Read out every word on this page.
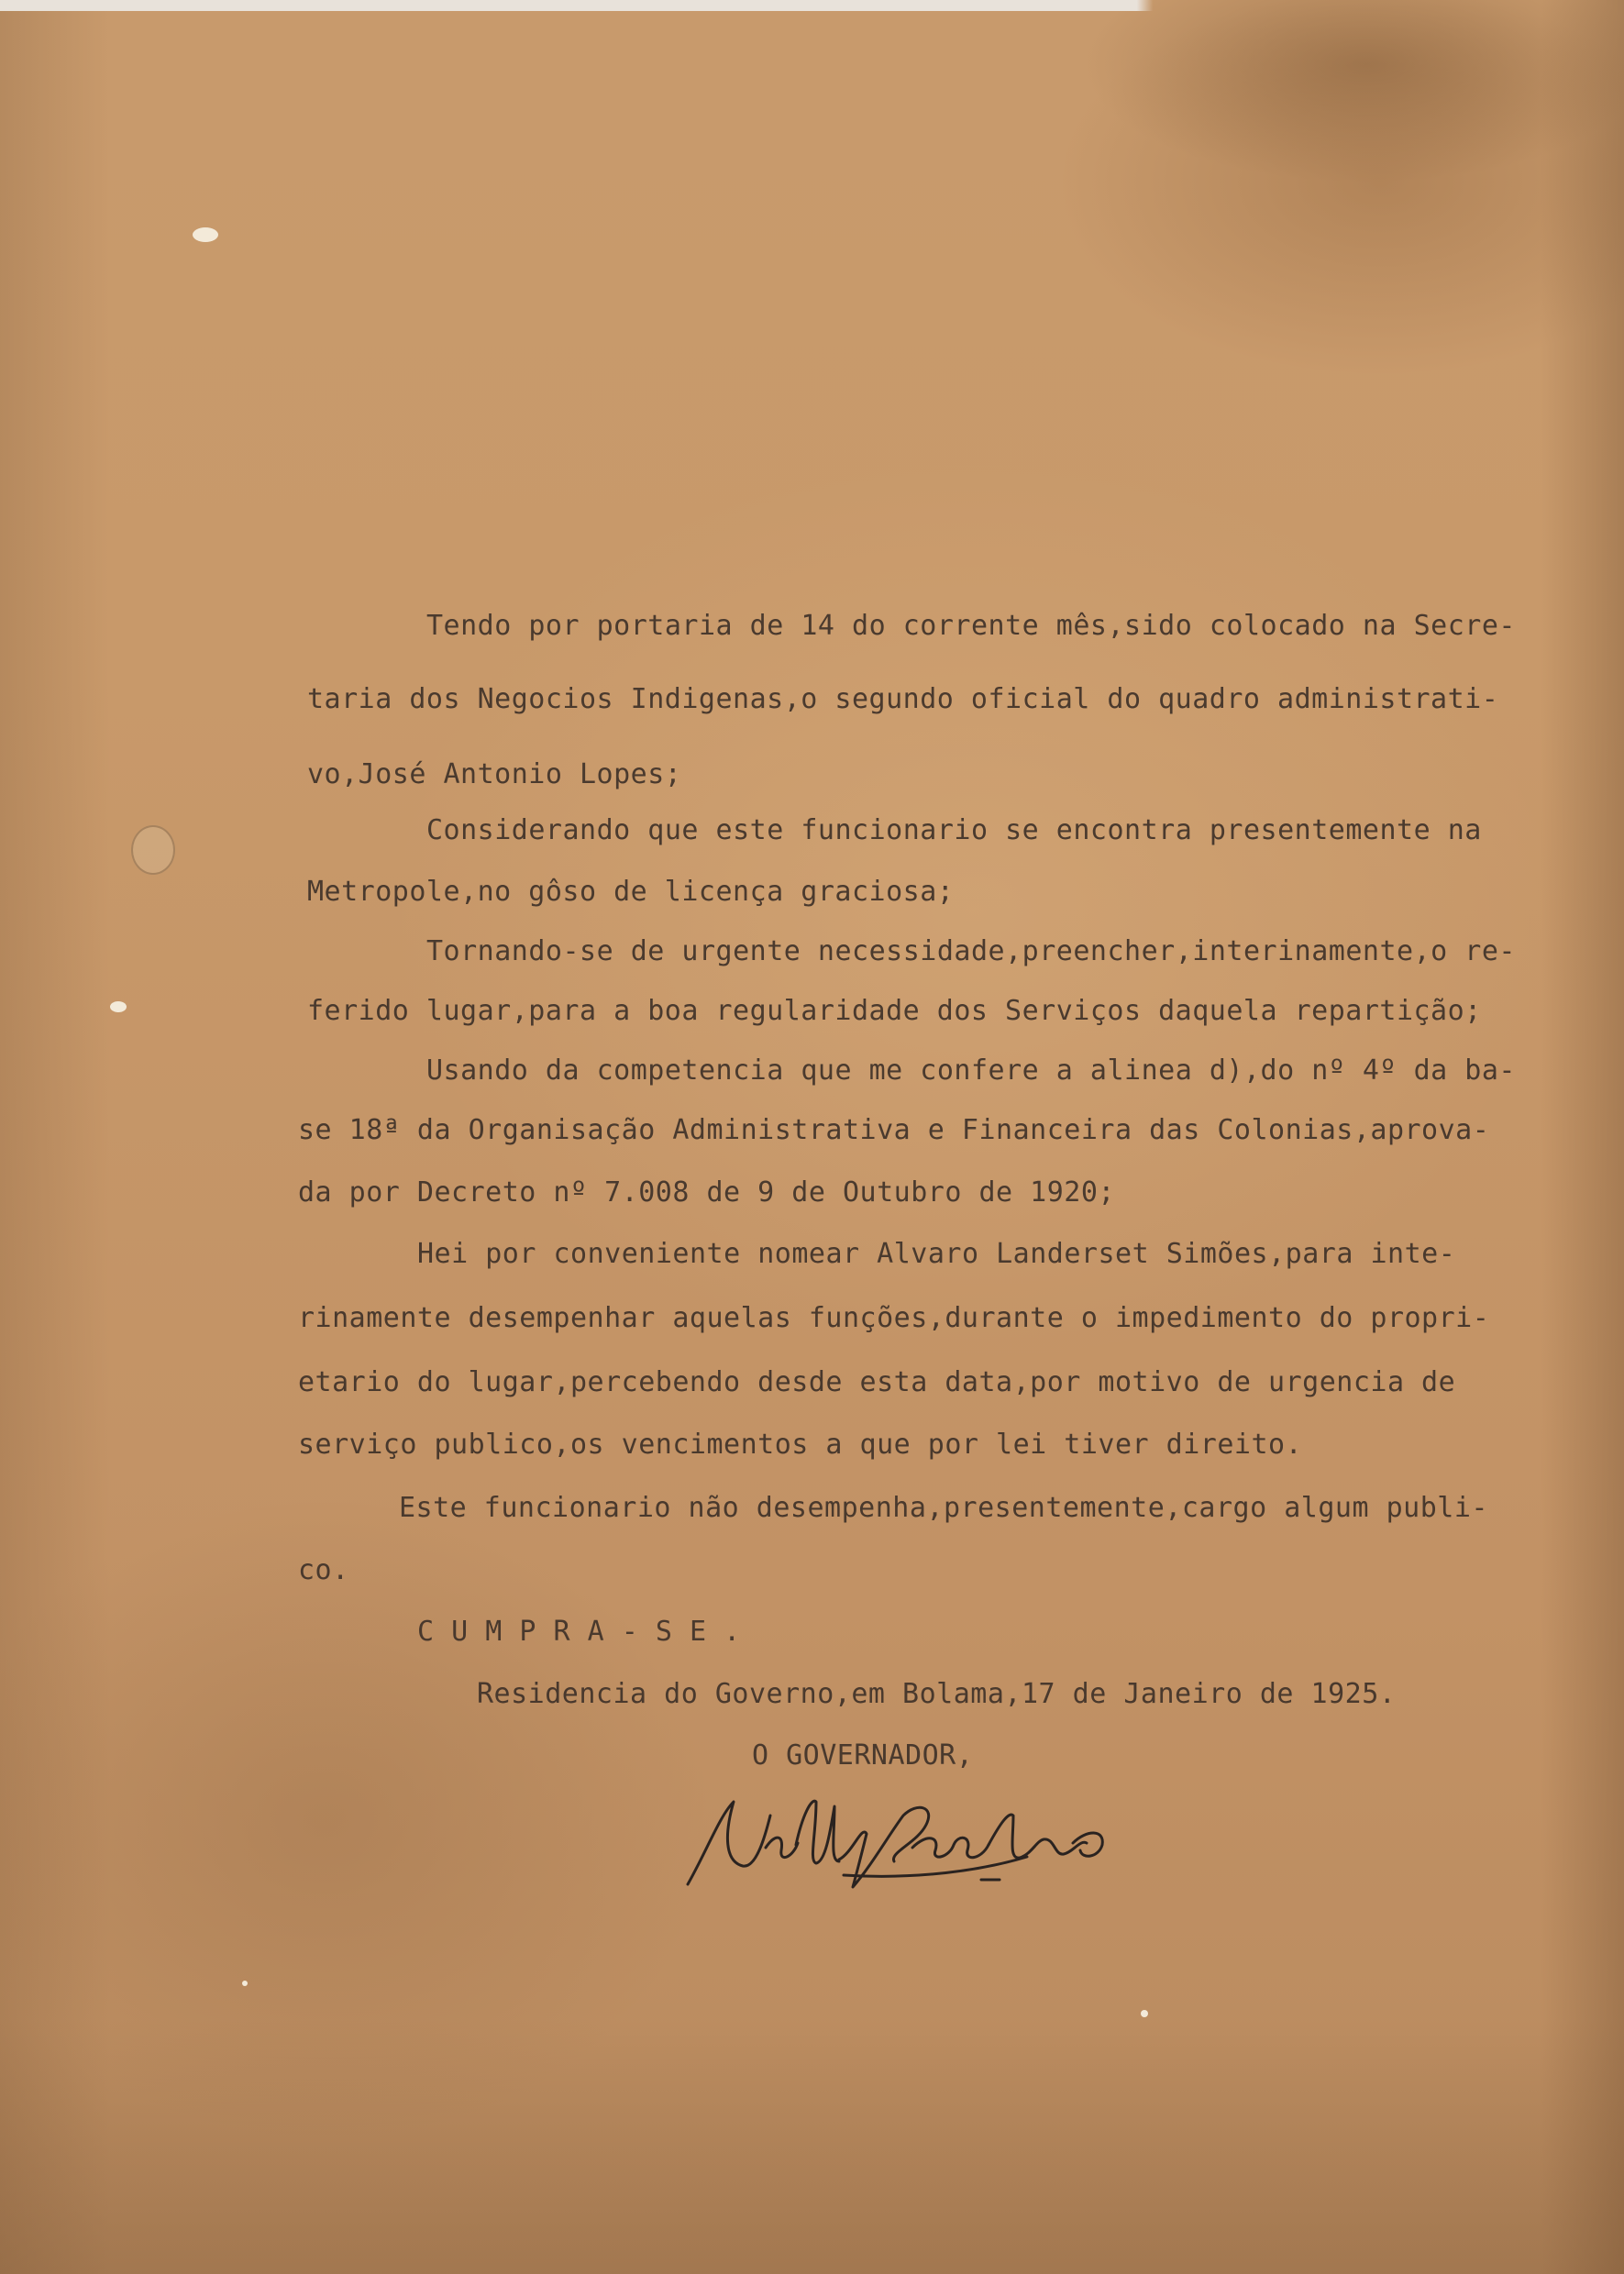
Tendo por portaria de 14 do corrente mês,sido colocado na Secre-
taria dos Negocios Indigenas,o segundo oficial do quadro administrati-
vo,José Antonio Lopes;
Considerando que este funcionario se encontra presentemente na
Metropole,no gôso de licença graciosa;
Tornando-se de urgente necessidade,preencher,interinamente,o re-
ferido lugar,para a boa regularidade dos Serviços daquela repartição;
Usando da competencia que me confere a alinea d),do nº 4º da ba-
se 18ª da Organisação Administrativa e Financeira das Colonias,aprova-
da por Decreto nº 7.008 de 9 de Outubro de 1920;
Hei por conveniente nomear Alvaro Landerset Simões,para inte-
rinamente desempenhar aquelas funções,durante o impedimento do propri-
etario do lugar,percebendo desde esta data,por motivo de urgencia de
serviço publico,os vencimentos a que por lei tiver direito.
Este funcionario não desempenha,presentemente,cargo algum publi-
co.
C U M P R A - S E .
Residencia do Governo,em Bolama,17 de Janeiro de 1925.
O GOVERNADOR,
